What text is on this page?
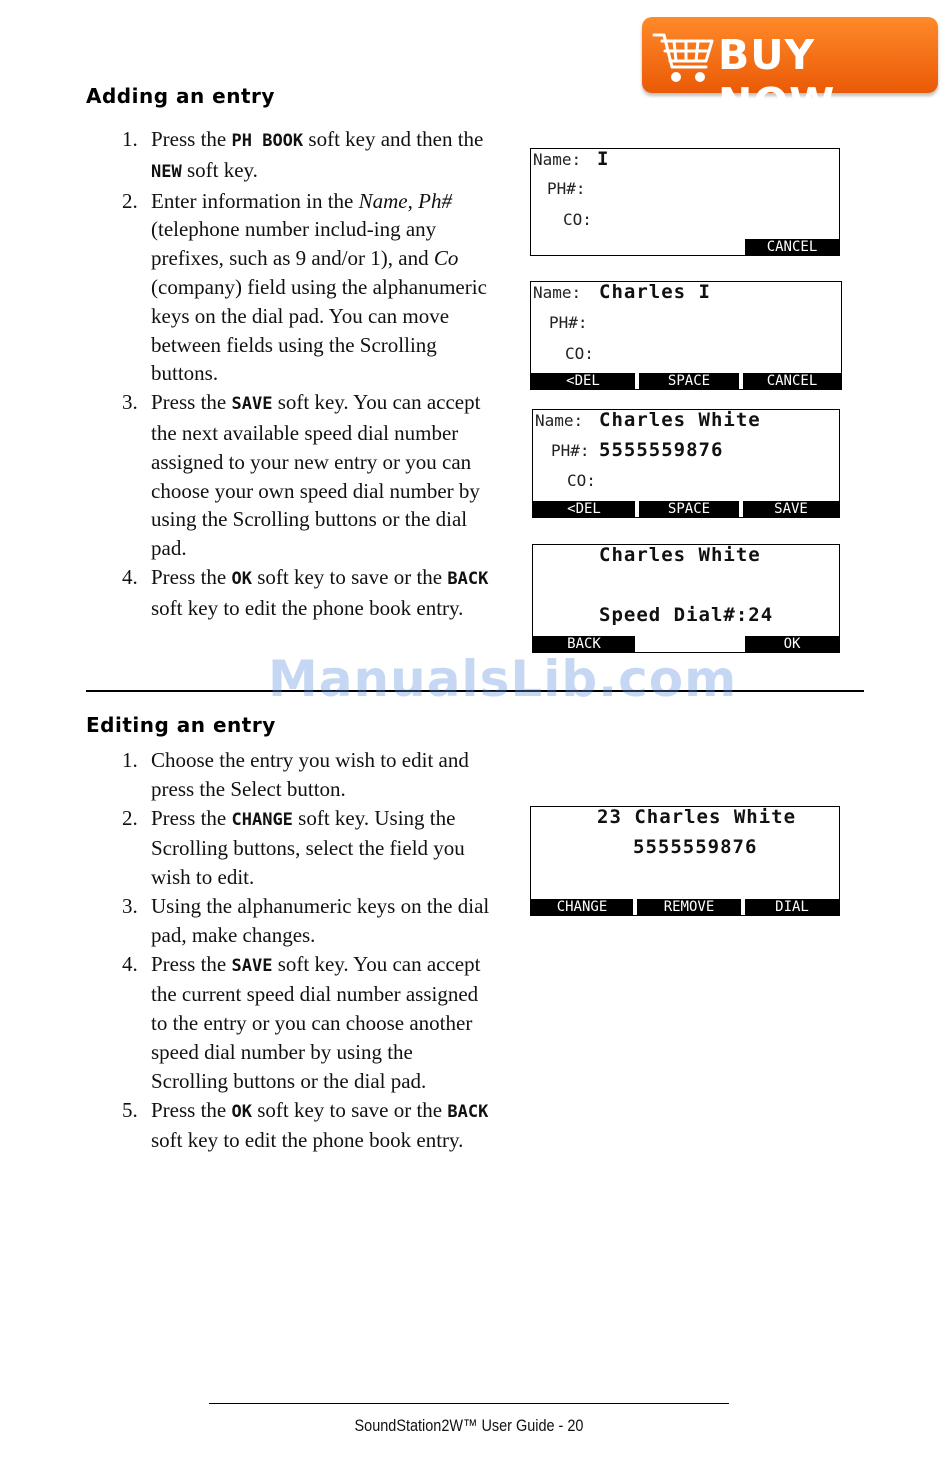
BUY NOW
Adding an entry
1. Press the PH BOOK soft key and then the NEW soft key.
2. Enter information in the Name, Ph# (telephone number includ-ing any prefixes, such as 9 and/or 1), and Co (company) field using the alphanumeric keys on the dial pad. You can move between fields using the Scrolling buttons.
3. Press the SAVE soft key. You can accept the next available speed dial number assigned to your new entry or you can choose your own speed dial number by using the Scrolling buttons or the dial pad.
4. Press the OK soft key to save or the BACK soft key to edit the phone book entry.
Name: I
PH#:
CO:
CANCEL
Name: Charles I
PH#:
CO:
<DEL	SPACE	CANCEL
Name: Charles White
PH#: 5555559876
CO:
<DEL	SPACE	SAVE
Charles White
Speed Dial#:24
BACK	OK
ManualsLib.com
Editing an entry
1. Choose the entry you wish to edit and press the Select button.
2. Press the CHANGE soft key. Using the Scrolling buttons, select the field you wish to edit.
3. Using the alphanumeric keys on the dial pad, make changes.
4. Press the SAVE soft key. You can accept the current speed dial number assigned to the entry or you can choose another speed dial number by using the Scrolling buttons or the dial pad.
5. Press the OK soft key to save or the BACK soft key to edit the phone book entry.
23 Charles White
5555559876
CHANGE	REMOVE	DIAL
SoundStation2W™ User Guide - 20
